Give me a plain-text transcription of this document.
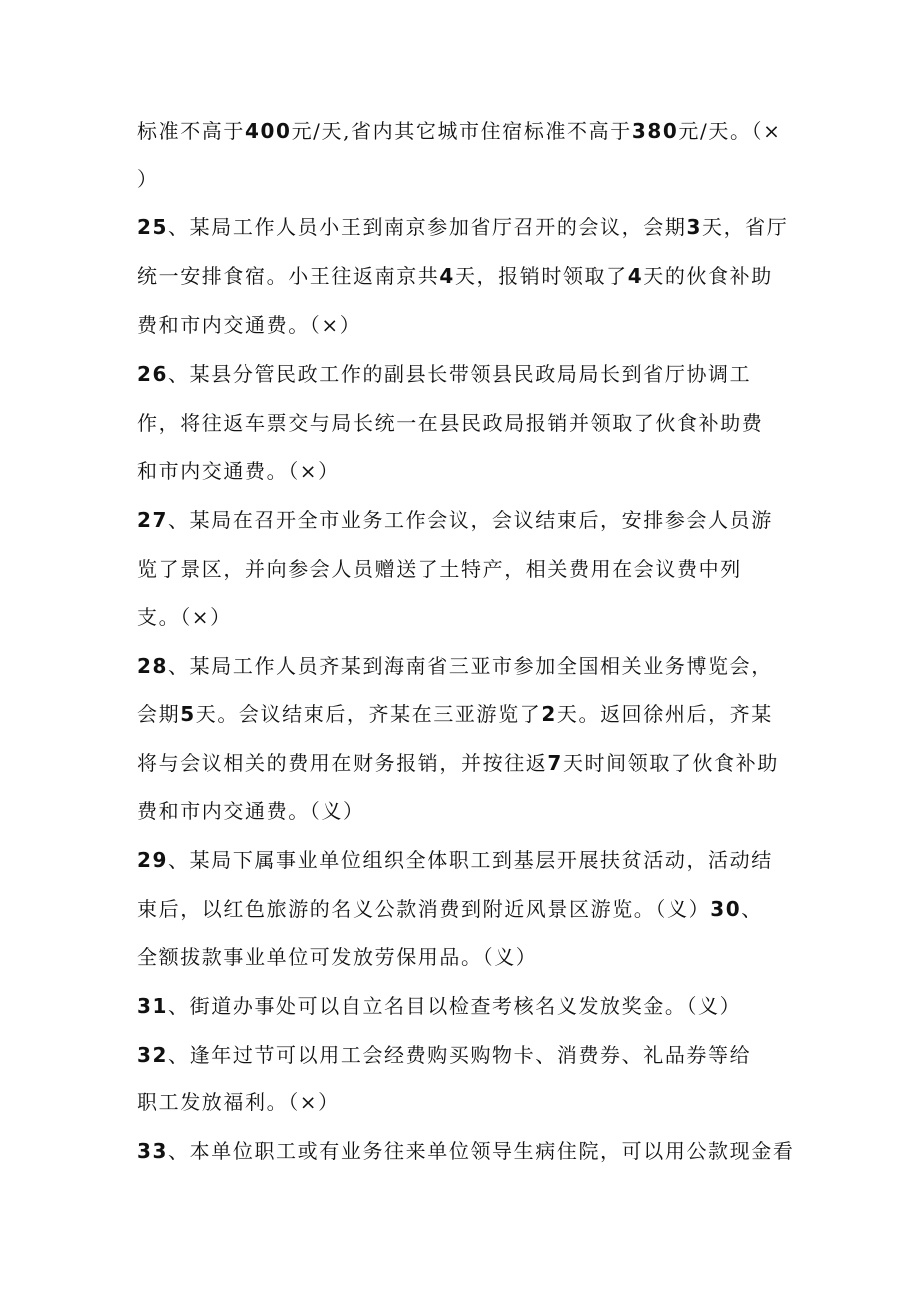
标准不高于400元/天,省内其它城市住宿标准不高于380元/天。（×
）
25、某局工作人员小王到南京参加省厅召开的会议，会期3天，省厅
统一安排食宿。小王往返南京共4天，报销时领取了4天的伙食补助
费和市内交通费。（×）
26、某县分管民政工作的副县长带领县民政局局长到省厅协调工
作，将往返车票交与局长统一在县民政局报销并领取了伙食补助费
和市内交通费。（×）
27、某局在召开全市业务工作会议，会议结束后，安排参会人员游
览了景区，并向参会人员赠送了土特产，相关费用在会议费中列
支。（×）
28、某局工作人员齐某到海南省三亚市参加全国相关业务博览会，
会期5天。会议结束后，齐某在三亚游览了2天。返回徐州后，齐某
将与会议相关的费用在财务报销，并按往返7天时间领取了伙食补助
费和市内交通费。（义）
29、某局下属事业单位组织全体职工到基层开展扶贫活动，活动结
束后，以红色旅游的名义公款消费到附近风景区游览。（义）30、
全额拔款事业单位可发放劳保用品。（义）
31、街道办事处可以自立名目以检查考核名义发放奖金。（义）
32、逢年过节可以用工会经费购买购物卡、消费券、礼品券等给
职工发放福利。（×）
33、本单位职工或有业务往来单位领导生病住院，可以用公款现金看
